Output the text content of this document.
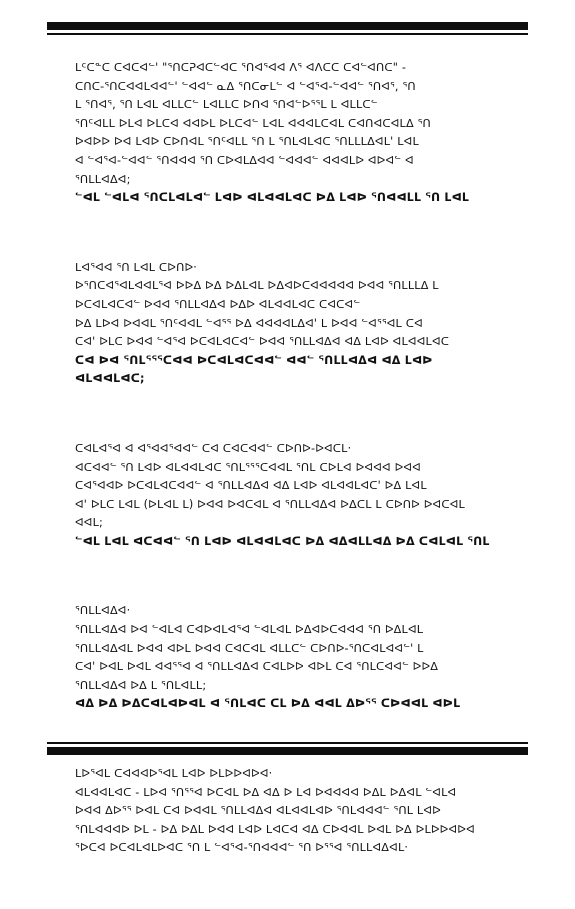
ᒪᑦᑕᓐᑕ ᑕᐊᑕᐊᓪ' "ᕐᑎᑕᕈᐊᑕᓪᐊᑕ ᕐᑎᐊᕐᐊᐊ ᐱᕐ ᐊᐱᑕᑕ ᑕᐊᓪᐊᑎᑕ" -
ᑕᑎᑕ-ᕐᑎᑕᐊᐊᒪᐊᐊᓪ' ᓪᐊᐊᓪ ᓇᐃ ᕐᑎᑕᓂᒪᓪ ᐊ ᓪᐊᕐᐊ-ᓪᐊᐊᓪ ᕐᑎᐊᕐ, ᕐᑎ
ᒪ ᕐᑎᐊᕐ, ᕐᑎ ᒪᐊᒪ ᐊᒪᒪᑕᓪ ᒪᐊᒪᒪᑕ ᐅᑎᐊ ᕐᑎᐊᓪᐅᕐᕐᒪ ᒪ ᐊᒪᒪᑕᓪ
ᕐᑎᑦᐊᒪᒪ ᐅᒪᐊ ᐅᒪᑕᐊ ᐊᐊᐅᒪ ᐅᒪᑕᐊᓪ ᒪᐊᒪ ᐊᐊᐊᒪᑕᐊᒪ ᑕᐊᑎᐊᑕᐊᒪᐃ ᕐᑎ
ᐅᐊᐅᐅ ᐅᐊ ᒪᐊᐅ ᑕᐅᑎᐊᒪ ᕐᑎᑦᐊᒪᒪ ᕐᑎ ᒪ ᕐᑎᒪᐊᒪᐊᑕ ᕐᑎᒪᒪᒪᐃᐊᒪ' ᒪᐊᒪ
ᐊ ᓪᐊᕐᐊ-ᓪᐊᐊᓪ ᕐᑎᐊᐊᐊ ᕐᑎ ᑕᐅᐊᒪᐃᐊᐊ ᓪᐊᐊᐊᓪ ᐊᐊᐊᒪᐅ ᐊᐅᐊᓪ ᐊ
ᕐᑎᒪᒪᐊᐃᐊ;

ᓪᐊᒪ ᓪᐊᒪᐊ ᕐᑎᑕᒪᐊᒪᐊᓪ ᒪᐊᐅ ᐊᒪᐊᐊᒪᐊᑕ ᐅᐃ ᒪᐊᐅ ᕐᑎᐊᐊᒪᒪ ᕐᑎ ᒪᐊᒪ

ᒪᐊᕐᐊᐊ ᕐᑎ ᒪᐊᒪ ᑕᐅᑎᐅ·

ᐅᕐᑎᑕᐊᕐᐊᒪᐊᐊᒪᕐᐊ ᐅᐅᐃ ᐅᐃ ᐅᐃᒪᐊᒪ ᐅᐃᐊᐅᑕᐊᐊᐊᐊᐊ ᐅᐊᐊ ᕐᑎᒪᒪᒪᐃ ᒪ
ᐅᑕᐊᒪᐊᑕᐊᓪ ᐅᐊᐊ ᕐᑎᒪᒪᐊᐃᐊ ᐅᐃᐅ ᐊᒪᐊᐊᒪᐊᑕ ᑕᐊᑕᐊᓪ
ᐅᐃ ᒪᐅᐊ ᐅᐊᐊᒪ ᕐᑎᑦᐊᐊᒪ ᓪᐊᕐᕐ ᐅᐃ ᐊᐊᐊᐊᒪᐃᐊ' ᒪ ᐅᐊᐊ ᓪᐊᕐᕐᐊᒪ ᑕᐊ
ᑕᐊ' ᐅᒪᑕ ᐅᐊᐊ ᓪᐊᕐᐊ ᐅᑕᐊᒪᐊᑕᐊᓪ ᐅᐊᐊ ᕐᑎᒪᒪᐊᐃᐊ ᐊᐃ ᒪᐊᐅ ᐊᒪᐊᐊᒪᐊᑕ

ᑕᐊ ᐅᐊ ᕐᑎᒪᕐᕐᕐᑕᐊᐊ ᐅᑕᐊᒪᐊᑕᐊᐊᓪ ᐊᐊᓪ ᕐᑎᒪᒪᐊᐃᐊ ᐊᐃ ᒪᐊᐅ ᐊᒪᐊᐊᒪᐊᑕ;

ᑕᐊᒪᐊᕐᐊ ᐊ ᐊᕐᐊᐊᕐᐊᐊᓪ ᑕᐊ ᑕᐊᑕᐊᐊᓪ ᑕᐅᑎᐅ-ᐅᐊᑕᒪ·

ᐊᑕᐊᐊᓪ ᕐᑎ ᒪᐊᐅ ᐊᒪᐊᐊᒪᐊᑕ ᕐᑎᒪᕐᕐᕐᑕᐊᐊᒪ ᕐᑎᒪ ᑕᐅᒪᐊ ᐅᐊᐊᐊ ᐅᐊᐊ
ᑕᐊᕐᐊᐊᐅ ᐅᑕᐊᒪᐊᑕᐊᐊᓪ ᐊ ᕐᑎᒪᒪᐊᐃᐊ ᐊᐃ ᒪᐊᐅ ᐊᒪᐊᐊᒪᐊᑕ' ᐅᐃ ᒪᐊᒪ
ᐊ' ᐅᒪᑕ ᒪᐊᒪ (ᐅᒪᐊᒪ ᒪ) ᐅᐊᐊ ᐅᐊᑕᐊᒪ ᐊ ᕐᑎᒪᒪᐊᐃᐊ ᐅᐃᑕᒪ ᒪ ᑕᐅᑎᐅ ᐅᐊᑕᐊᒪ
ᐊᐊᒪ;

ᓪᐊᒪ ᒪᐊᒪ ᐊᑕᐊᐊᓪ ᕐᑎ ᒪᐊᐅ ᐊᒪᐊᐊᒪᐊᑕ ᐅᐃ ᐊᐃᐊᒪᒪᐊᐃ ᐅᐃ ᑕᐊᒪᐊᒪ ᕐᑎᒪ

ᕐᑎᒪᒪᐊᐃᐊ·

ᕐᑎᒪᒪᐊᐃᐊ ᐅᐊ ᓪᐊᒪᐊ ᑕᐊᐅᐊᒪᐊᕐᐊ ᓪᐊᒪᐊᒪ ᐅᐃᐊᐅᑕᐊᐊᐊ ᕐᑎ ᐅᐃᒪᐊᒪ
ᕐᑎᒪᒪᐊᐃᐊᒪ ᐅᐊᐊ ᐊᐅᒪ ᐅᐊᐊ ᑕᐊᑕᐊᒪ ᐊᒪᒪᑕᓪ ᑕᐅᑎᐅ-ᕐᑎᑕᐊᒪᐊᐊᓪ' ᒪ
ᑕᐊ' ᐅᐊᒪ ᐅᐊᒪ ᐊᐊᕐᕐᐊ ᐊ ᕐᑎᒪᒪᐊᐃᐊ ᑕᐊᒪᐅᐅ ᐊᐅᒪ ᑕᐊ ᕐᑎᒪᑕᐊᐊᓪ ᐅᐅᐃ
ᕐᑎᒪᒪᐊᐃᐊ ᐅᐃ ᒪ ᕐᑎᒪᐊᒪᒪ;

ᐊᐃ ᐅᐃ ᐅᐃᑕᐊᒪᐊᐅᐊᒪ ᐊ ᕐᑎᒪᐊᑕ ᑕᒪ ᐅᐃ ᐊᐊᒪ ᐃᐅᕐᕐ ᑕᐅᐊᐊᒪ ᐊᐅᒪ

ᒪᐅᕐᐊᒪ ᑕᐊᐊᐊᐅᕐᐊᒪ ᒪᐊᐅ ᐅᒪᐅᐅᐊᐅᐊ·

ᐊᒪᐊᐊᒪᐊᑕ - ᒪᐅᐊ ᕐᑎᕐᕐᐊ ᐅᑕᐊᒪ ᐅᐃ ᐊᐃ ᐅ ᒪᐊ ᐅᐊᐊᐊᐊ ᐅᐃᒪ ᐅᐃᐊᒪ ᓪᐊᒪᐊ
ᐅᐊᐊ ᐃᐅᕐᕐ ᐅᐊᒪ ᑕᐊ ᐅᐊᐊᒪ ᕐᑎᒪᒪᐊᐃᐊ ᐊᒪᐊᐊᒪᐊᐅ ᕐᑎᒪᐊᐊᐊᓪ ᕐᑎᒪ ᒪᐊᐅ
ᕐᑎᒪᐊᐊᐊᐅ ᐅᒪ - ᐅᐃ ᐅᐃᒪ ᐅᐊᐊ ᒪᐊᐅ ᒪᐊᑕᐊ ᐊᐃ ᑕᐅᐊᐊᒪ ᐅᐊᒪ ᐅᐃ ᐅᒪᐅᐅᐊᐅᐊ
ᕐᐅᑕᐊ ᐅᑕᐊᒪᐊᒪᐅᐊᑕ ᕐᑎ ᒪ ᓪᐊᕐᐊ-ᕐᑎᐊᐊᐊᓪ ᕐᑎ ᐅᕐᕐᐊ ᕐᑎᒪᒪᐊᐃᐊᒪ·
